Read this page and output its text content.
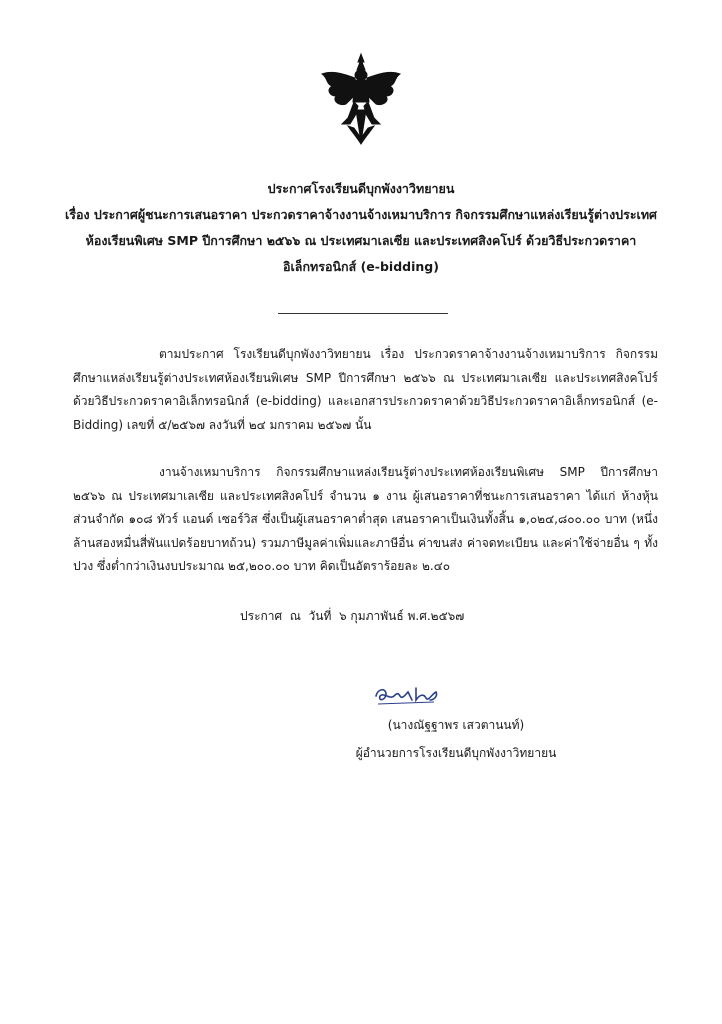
ประกาศโรงเรียนดีบุกพังงาวิทยายน
เรื่อง ประกาศผู้ชนะการเสนอราคา ประกวดราคาจ้างงานจ้างเหมาบริการ กิจกรรมศึกษาแหล่งเรียนรู้ต่างประเทศ
ห้องเรียนพิเศษ SMP ปีการศึกษา ๒๕๖๖ ณ ประเทศมาเลเซีย และประเทศสิงคโปร์ ด้วยวิธีประกวดราคา
อิเล็กทรอนิกส์ (e-bidding)

ตามประกาศ โรงเรียนดีบุกพังงาวิทยายน เรื่อง ประกวดราคาจ้างงานจ้างเหมาบริการ กิจกรรมศึกษาแหล่งเรียนรู้ต่างประเทศห้องเรียนพิเศษ SMP ปีการศึกษา ๒๕๖๖ ณ ประเทศมาเลเซีย และประเทศสิงคโปร์ ด้วยวิธีประกวดราคาอิเล็กทรอนิกส์ (e-bidding) และเอกสารประกวดราคาด้วยวิธีประกวดราคาอิเล็กทรอนิกส์ (e-Bidding) เลขที่ ๕/๒๕๖๗ ลงวันที่ ๒๔ มกราคม ๒๕๖๗ นั้น

งานจ้างเหมาบริการ กิจกรรมศึกษาแหล่งเรียนรู้ต่างประเทศห้องเรียนพิเศษ SMP ปีการศึกษา ๒๕๖๖ ณ ประเทศมาเลเซีย และประเทศสิงคโปร์ จำนวน ๑ งาน ผู้เสนอราคาที่ชนะการเสนอราคา ได้แก่ ห้างหุ้นส่วนจำกัด ๑๐๘ ทัวร์ แอนด์ เซอร์วิส ซึ่งเป็นผู้เสนอราคาต่ำสุด เสนอราคาเป็นเงินทั้งสิ้น ๑,๐๒๔,๘๐๐.๐๐ บาท (หนึ่งล้านสองหมื่นสี่พันแปดร้อยบาทถ้วน) รวมภาษีมูลค่าเพิ่มและภาษีอื่น ค่าขนส่ง ค่าจดทะเบียน และค่าใช้จ่ายอื่น ๆ ทั้งปวง ซึ่งต่ำกว่าเงินงบประมาณ ๒๕,๒๐๐.๐๐ บาท คิดเป็นอัตราร้อยละ ๒.๔๐

ประกาศ  ณ  วันที่  ๖ กุมภาพันธ์ พ.ศ.๒๕๖๗
(นางณัฐฐาพร เสวตานนท์)
ผู้อำนวยการโรงเรียนดีบุกพังงาวิทยายน
